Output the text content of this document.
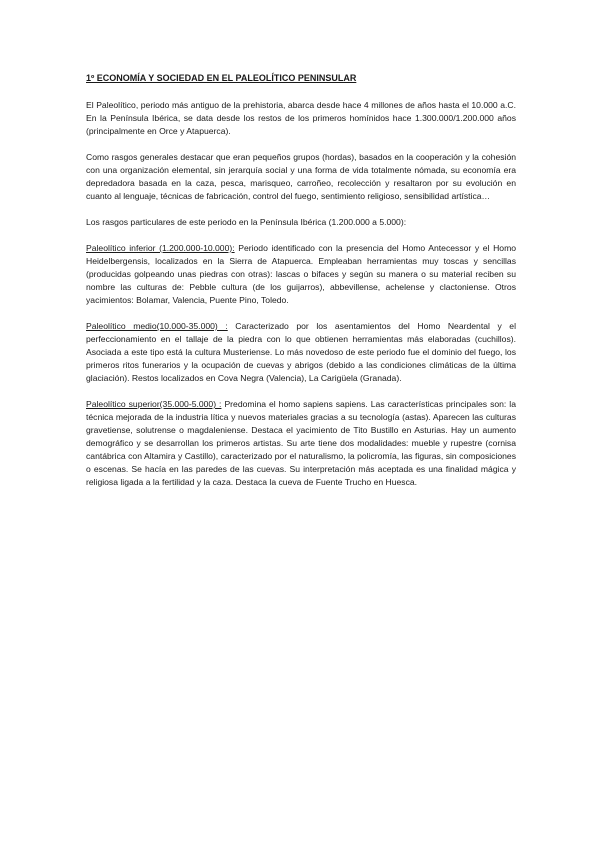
1º ECONOMÍA Y SOCIEDAD EN EL PALEOLÍTICO PENINSULAR

El Paleolítico, periodo más antiguo de la prehistoria, abarca desde hace 4 millones de años hasta el 10.000 a.C. En la Península Ibérica, se data desde los restos de los primeros homínidos hace 1.300.000/1.200.000 años (principalmente en Orce y Atapuerca).

Como rasgos generales destacar que eran pequeños grupos (hordas), basados en la cooperación y la cohesión con una organización elemental, sin jerarquía social y una forma de vida totalmente nómada, su economía era depredadora basada en la caza, pesca, marisqueo, carroñeo, recolección y resaltaron por su evolución en cuanto al lenguaje, técnicas de fabricación, control del fuego, sentimiento religioso, sensibilidad artística…

Los rasgos particulares de este periodo en la Península Ibérica (1.200.000 a 5.000):

Paleolítico inferior (1.200.000-10.000): Periodo identificado con la presencia del Homo Antecessor y el Homo Heidelbergensis, localizados en la Sierra de Atapuerca. Empleaban herramientas muy toscas y sencillas (producidas golpeando unas piedras con otras): lascas o bifaces y según su manera o su material reciben su nombre las culturas de: Pebble cultura (de los guijarros), abbevillense, achelense y clactoniense. Otros yacimientos: Bolamar, Valencia, Puente Pino, Toledo.

Paleolítico medio(10.000-35.000) : Caracterizado por los asentamientos del Homo Neardental y el perfeccionamiento en el tallaje de la piedra con lo que obtienen herramientas más elaboradas (cuchillos). Asociada a este tipo está la cultura Musteriense. Lo más novedoso de este periodo fue el dominio del fuego, los primeros ritos funerarios y la ocupación de cuevas y abrigos (debido a las condiciones climáticas de la última glaciación). Restos localizados en Cova Negra (Valencia), La Carigüela (Granada).

Paleolítico superior(35.000-5.000) : Predomina el homo sapiens sapiens. Las características principales son: la técnica mejorada de la industria lítica y nuevos materiales gracias a su tecnología (astas). Aparecen las culturas gravetiense, solutrense o magdaleniense. Destaca el yacimiento de Tito Bustillo en Asturias. Hay un aumento demográfico y se desarrollan los primeros artistas. Su arte tiene dos modalidades: mueble y rupestre (cornisa cantábrica con Altamira y Castillo), caracterizado por el naturalismo, la policromía, las figuras, sin composiciones o escenas. Se hacía en las paredes de las cuevas. Su interpretación más aceptada es una finalidad mágica y religiosa ligada a la fertilidad y la caza. Destaca la cueva de Fuente Trucho en Huesca.
